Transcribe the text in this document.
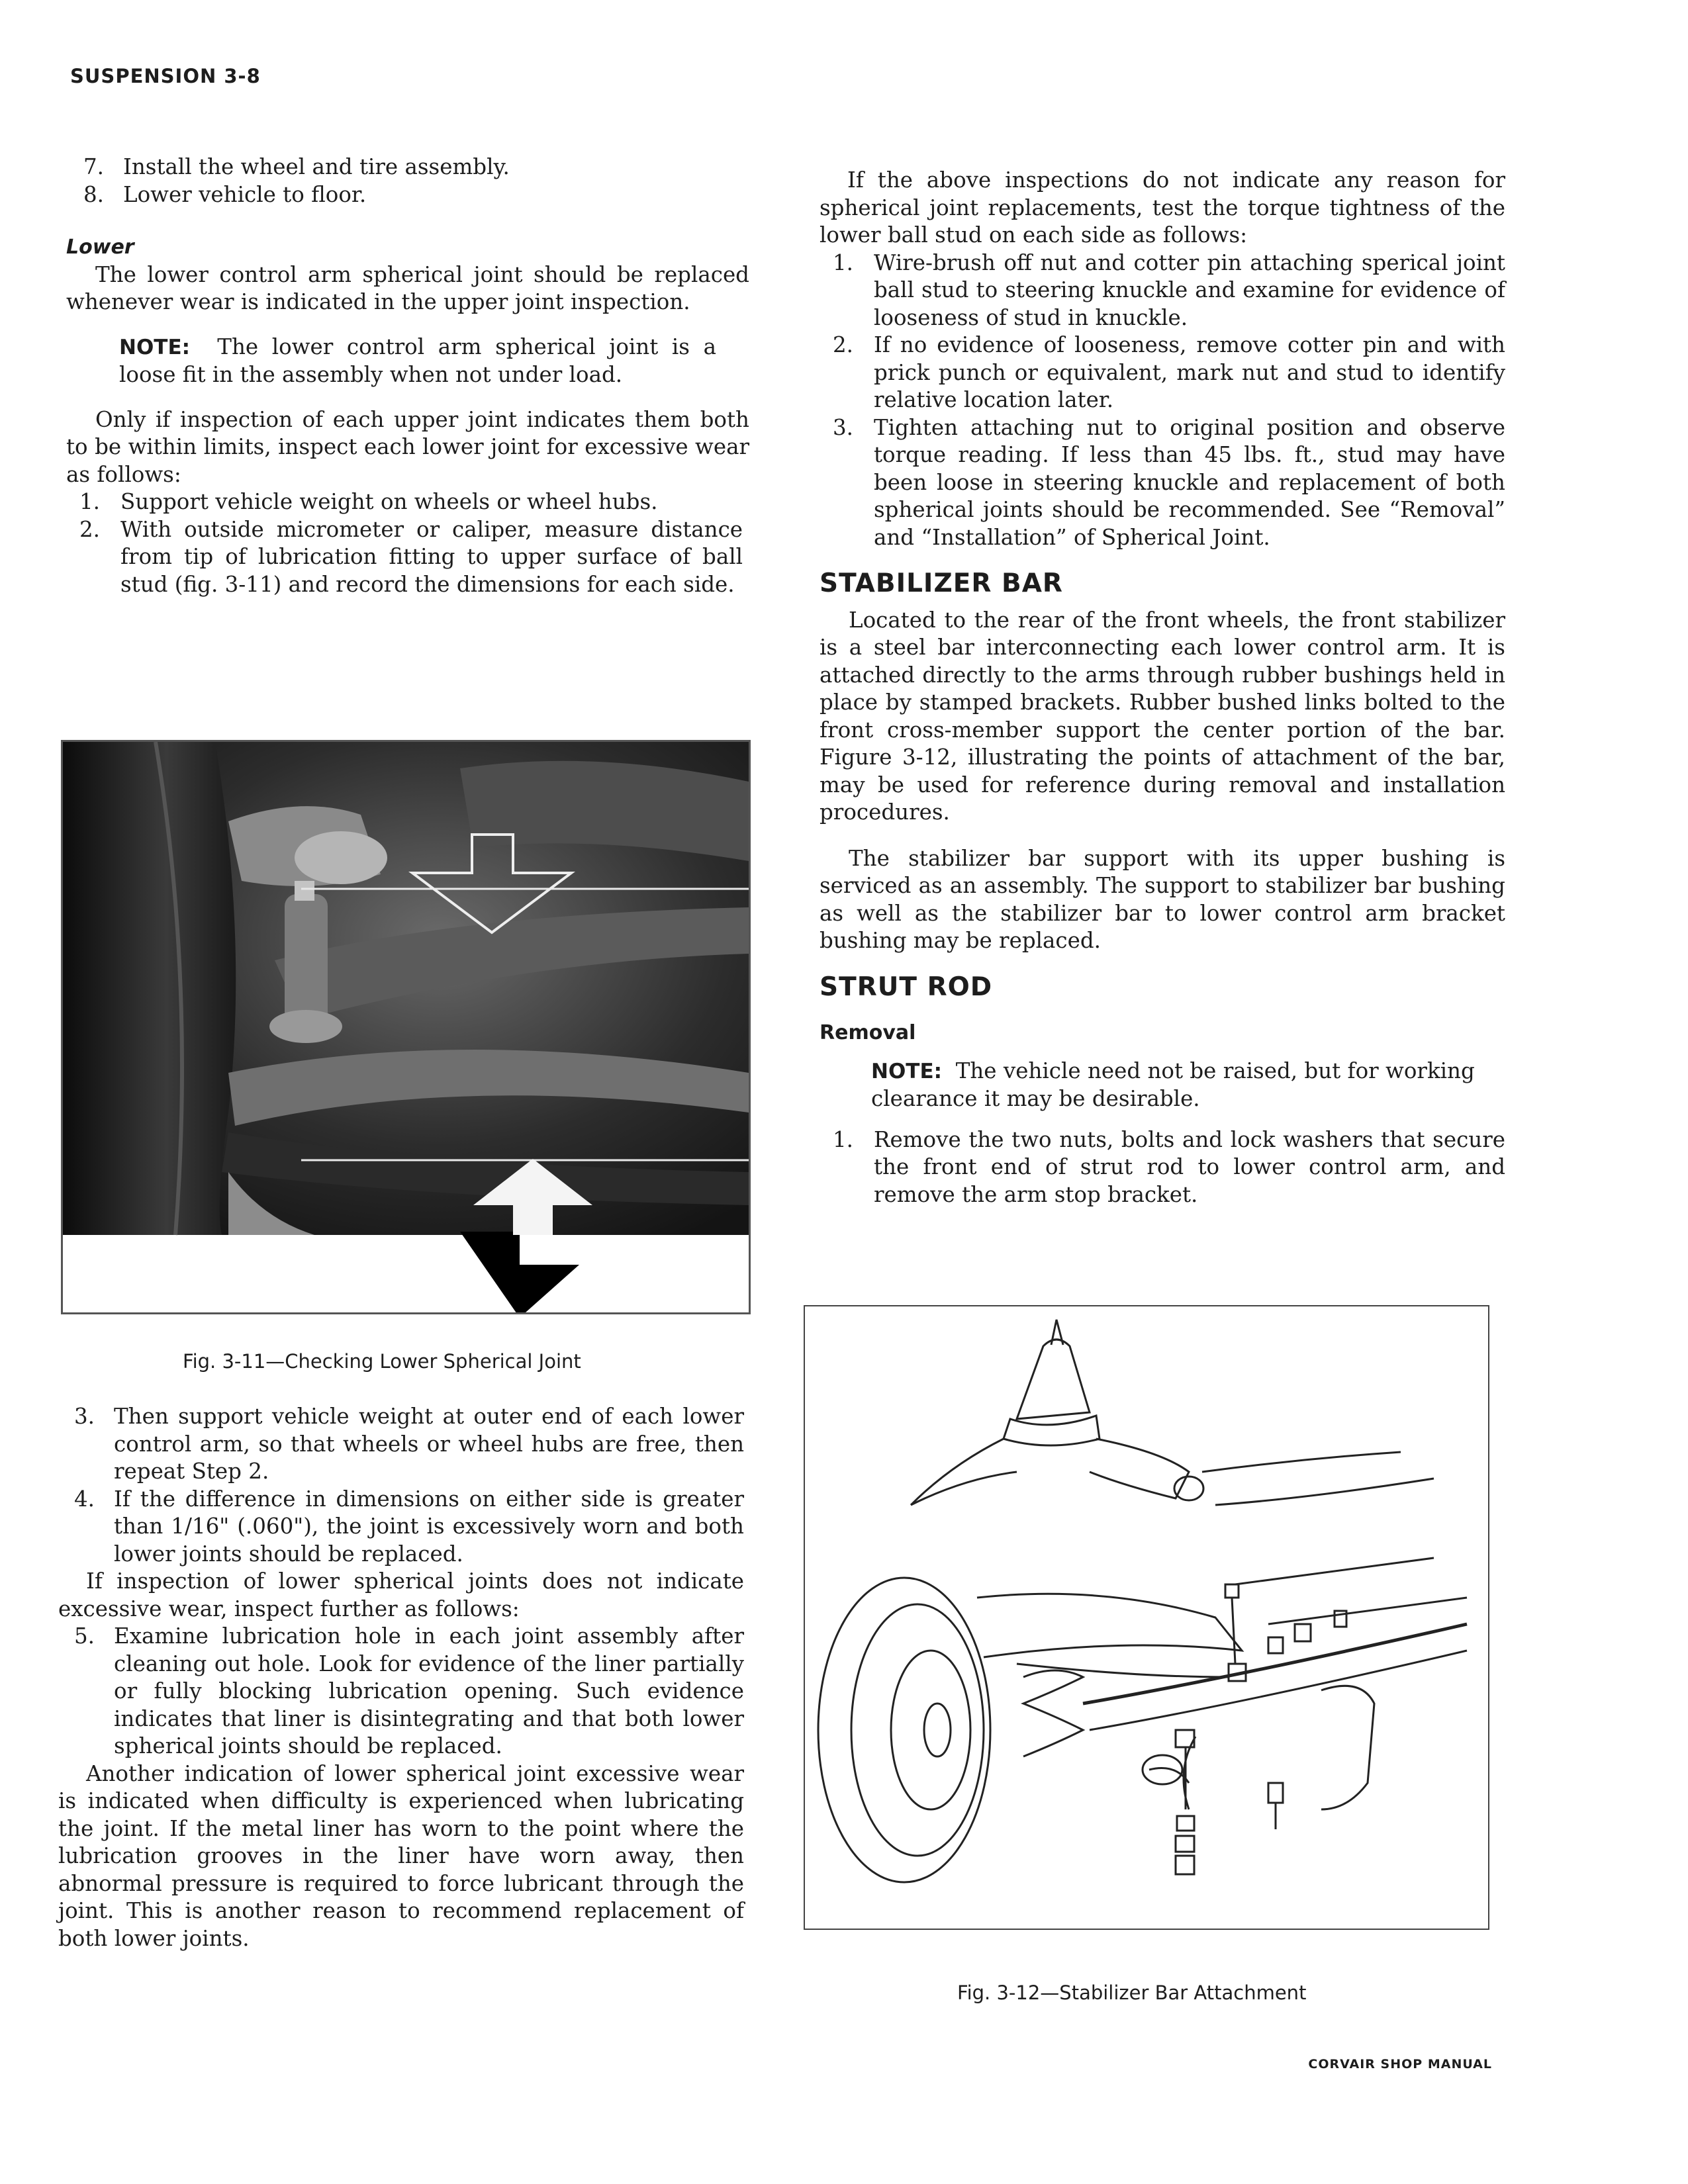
SUSPENSION 3-8
7. Install the wheel and tire assembly.
8. Lower vehicle to floor.
Lower

The lower control arm spherical joint should be replaced whenever wear is indicated in the upper joint inspection.

NOTE: The lower control arm spherical joint is a loose fit in the assembly when not under load.

Only if inspection of each upper joint indicates them both to be within limits, inspect each lower joint for excessive wear as follows:

1. Support vehicle weight on wheels or wheel hubs.
2. With outside micrometer or caliper, measure distance from tip of lubrication fitting to upper surface of ball stud (fig. 3-11) and record the dimensions for each side.
Fig. 3-11—Checking Lower Spherical Joint
3. Then support vehicle weight at outer end of each lower control arm, so that wheels or wheel hubs are free, then repeat Step 2.
4. If the difference in dimensions on either side is greater than 1/16" (.060"), the joint is excessively worn and both lower joints should be replaced.

If inspection of lower spherical joints does not indicate excessive wear, inspect further as follows:

5. Examine lubrication hole in each joint assembly after cleaning out hole. Look for evidence of the liner partially or fully blocking lubrication opening. Such evidence indicates that liner is disintegrating and that both lower spherical joints should be replaced.

Another indication of lower spherical joint excessive wear is indicated when difficulty is experienced when lubricating the joint. If the metal liner has worn to the point where the lubrication grooves in the liner have worn away, then abnormal pressure is required to force lubricant through the joint. This is another reason to recommend replacement of both lower joints.

If the above inspections do not indicate any reason for spherical joint replacements, test the torque tightness of the lower ball stud on each side as follows:

1. Wire-brush off nut and cotter pin attaching sperical joint ball stud to steering knuckle and examine for evidence of looseness of stud in knuckle.
2. If no evidence of looseness, remove cotter pin and with prick punch or equivalent, mark nut and stud to identify relative location later.
3. Tighten attaching nut to original position and observe torque reading. If less than 45 lbs. ft., stud may have been loose in steering knuckle and replacement of both spherical joints should be recommended. See “Removal” and “Installation” of Spherical Joint.
STABILIZER BAR

Located to the rear of the front wheels, the front stabilizer is a steel bar interconnecting each lower control arm. It is attached directly to the arms through rubber bushings held in place by stamped brackets. Rubber bushed links bolted to the front cross-member support the center portion of the bar. Figure 3-12, illustrating the points of attachment of the bar, may be used for reference during removal and installation procedures.

The stabilizer bar support with its upper bushing is serviced as an assembly. The support to stabilizer bar bushing as well as the stabilizer bar to lower control arm bracket bushing may be replaced.

STRUT ROD
Removal

NOTE: The vehicle need not be raised, but for working clearance it may be desirable.

1. Remove the two nuts, bolts and lock washers that secure the front end of strut rod to lower control arm, and remove the arm stop bracket.
Fig. 3-12—Stabilizer Bar Attachment
CORVAIR SHOP MANUAL
